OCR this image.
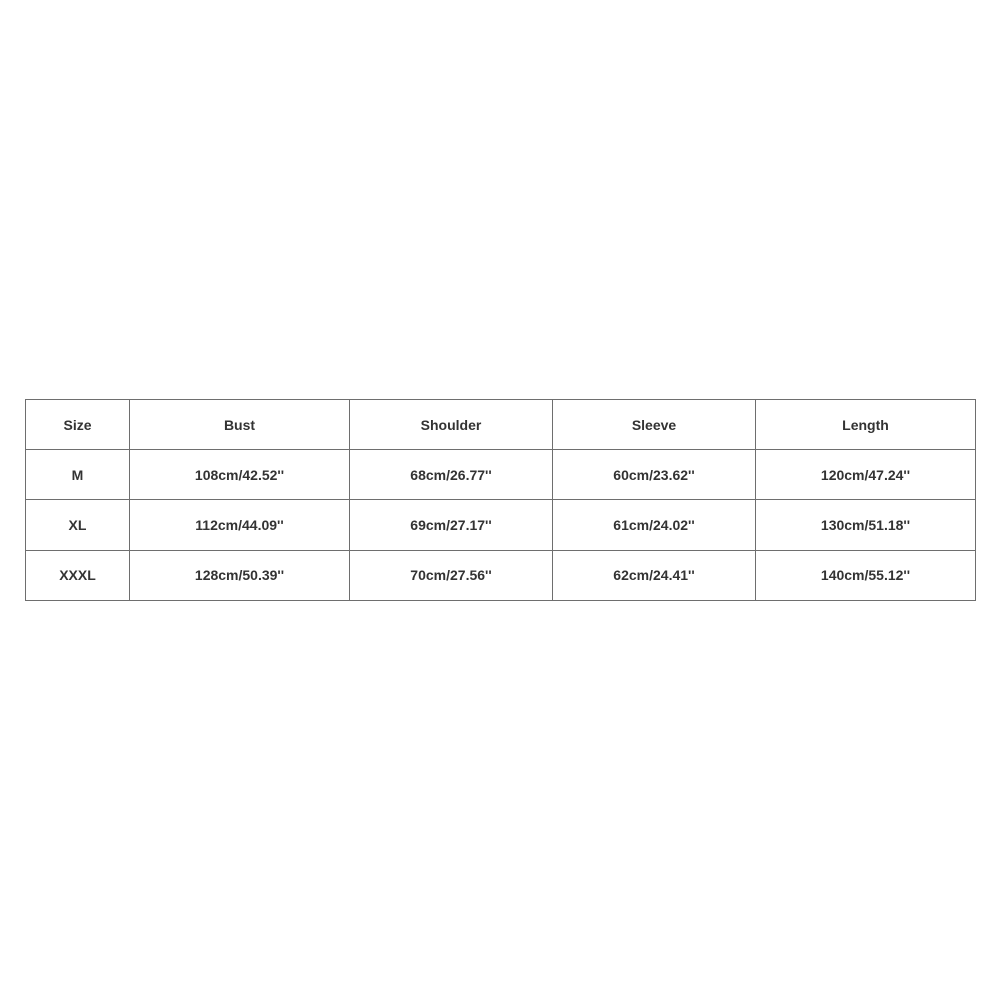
Size	Bust	Shoulder	Sleeve	Length
M	108cm/42.52''	68cm/26.77''	60cm/23.62''	120cm/47.24''
XL	112cm/44.09''	69cm/27.17''	61cm/24.02''	130cm/51.18''
XXXL	128cm/50.39''	70cm/27.56''	62cm/24.41''	140cm/55.12''
